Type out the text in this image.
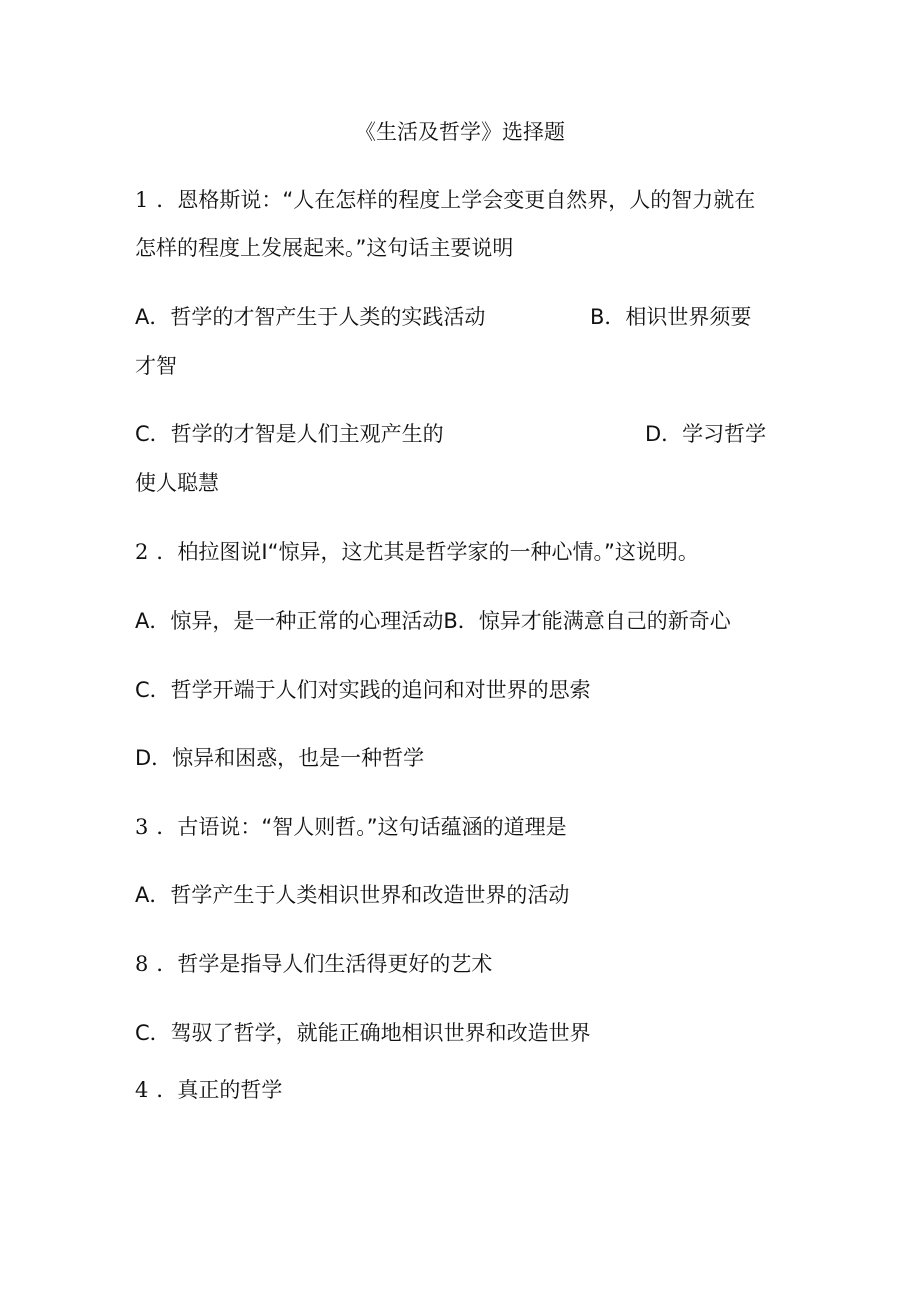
《生活及哲学》选择题
1 ．恩格斯说：“人在怎样的程度上学会变更自然界，人的智力就在
怎样的程度上发展起来。”这句话主要说明
A．哲学的才智产生于人类的实践活动	B．相识世界须要
才智
C．哲学的才智是人们主观产生的	D．学习哲学
使人聪慧
2 ．柏拉图说I“惊异，这尤其是哲学家的一种心情。”这说明。
A．惊异，是一种正常的心理活动B．惊异才能满意自己的新奇心
C．哲学开端于人们对实践的追问和对世界的思索
D．惊异和困惑，也是一种哲学
3 ．古语说：“智人则哲。”这句话蕴涵的道理是
A．哲学产生于人类相识世界和改造世界的活动
8 ．哲学是指导人们生活得更好的艺术
C．驾驭了哲学，就能正确地相识世界和改造世界
4 ．真正的哲学
